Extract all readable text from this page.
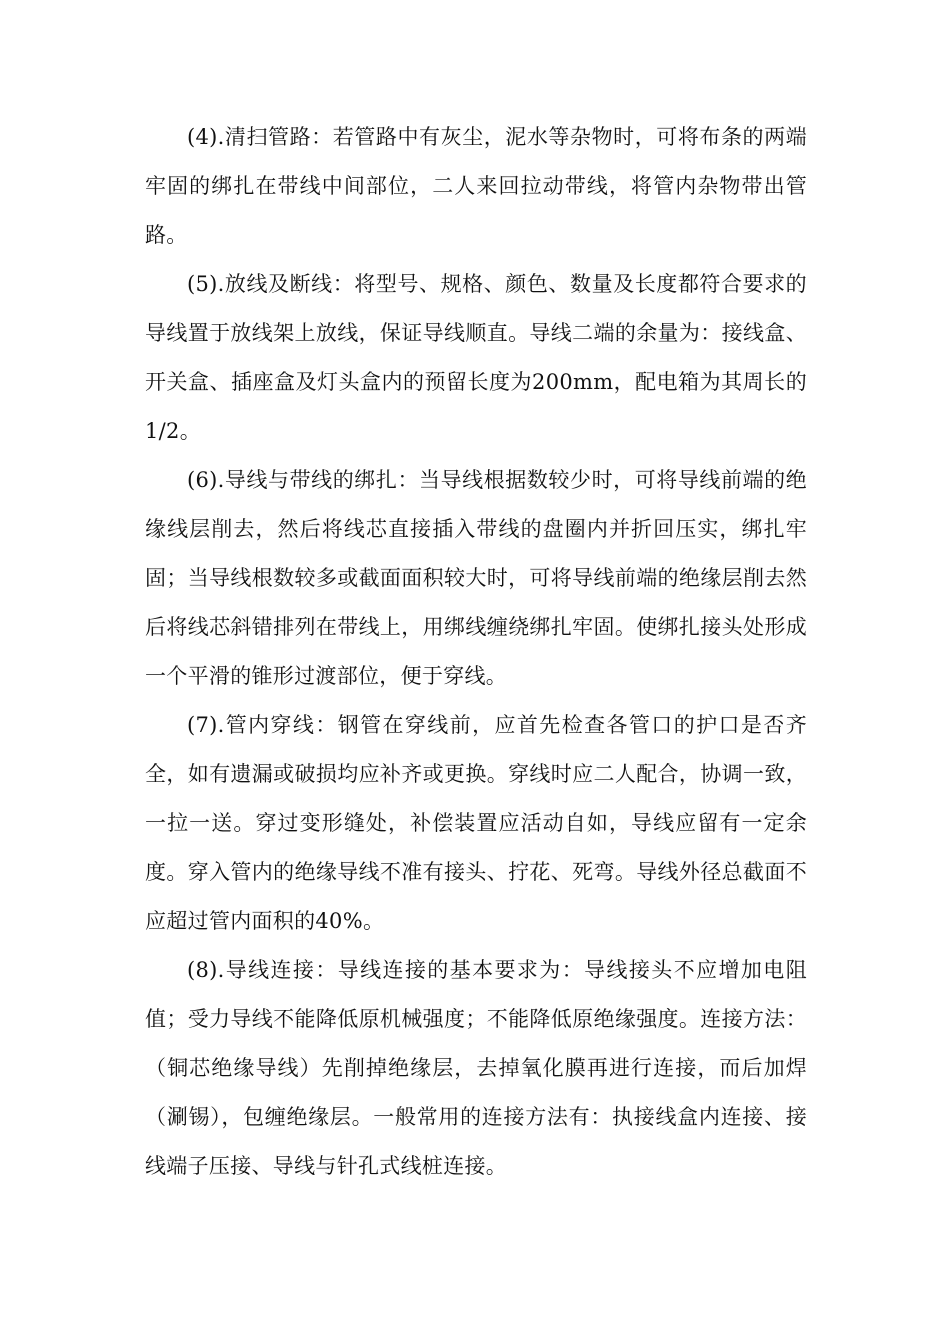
(4).清扫管路：若管路中有灰尘，泥水等杂物时，可将布条的两端牢固的绑扎在带线中间部位，二人来回拉动带线，将管内杂物带出管路。

(5).放线及断线：将型号、规格、颜色、数量及长度都符合要求的导线置于放线架上放线，保证导线顺直。导线二端的余量为：接线盒、开关盒、插座盒及灯头盒内的预留长度为200mm，配电箱为其周长的1/2。

(6).导线与带线的绑扎：当导线根据数较少时，可将导线前端的绝缘线层削去，然后将线芯直接插入带线的盘圈内并折回压实，绑扎牢固；当导线根数较多或截面面积较大时，可将导线前端的绝缘层削去然后将线芯斜错排列在带线上，用绑线缠绕绑扎牢固。使绑扎接头处形成一个平滑的锥形过渡部位，便于穿线。

(7).管内穿线：钢管在穿线前，应首先检查各管口的护口是否齐全，如有遗漏或破损均应补齐或更换。穿线时应二人配合，协调一致，一拉一送。穿过变形缝处，补偿装置应活动自如，导线应留有一定余度。穿入管内的绝缘导线不准有接头、拧花、死弯。导线外径总截面不应超过管内面积的40%。

(8).导线连接：导线连接的基本要求为：导线接头不应增加电阻值；受力导线不能降低原机械强度；不能降低原绝缘强度。连接方法：（铜芯绝缘导线）先削掉绝缘层，去掉氧化膜再进行连接，而后加焊（涮锡），包缠绝缘层。一般常用的连接方法有：执接线盒内连接、接线端子压接、导线与针孔式线桩连接。
